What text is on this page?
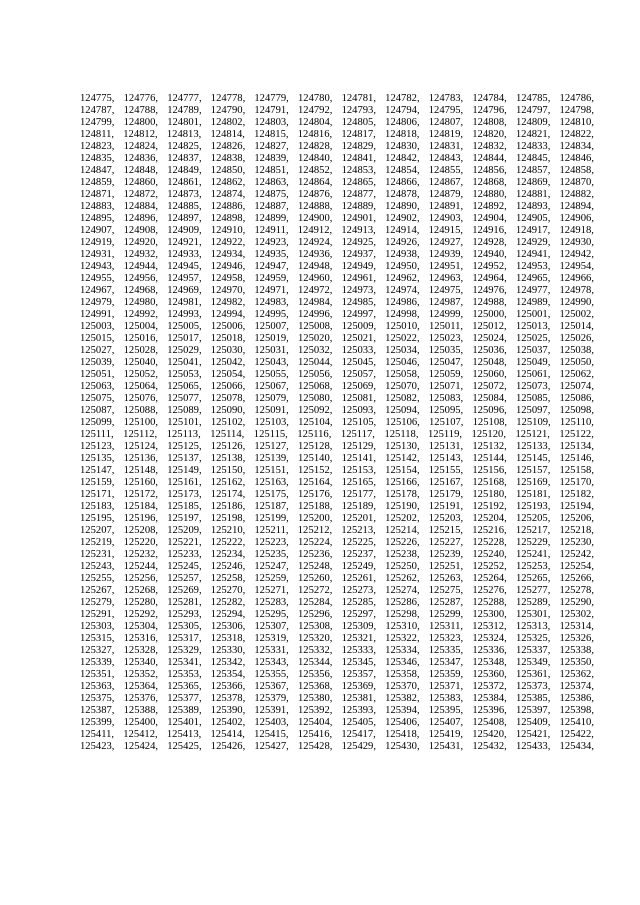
124775, 124776, 124777, 124778, 124779, 124780, 124781, 124782, 124783, 124784, 124785, 124786,
124787, 124788, 124789, 124790, 124791, 124792, 124793, 124794, 124795, 124796, 124797, 124798,
124799, 124800, 124801, 124802, 124803, 124804, 124805, 124806, 124807, 124808, 124809, 124810,
124811, 124812, 124813, 124814, 124815, 124816, 124817, 124818, 124819, 124820, 124821, 124822,
124823, 124824, 124825, 124826, 124827, 124828, 124829, 124830, 124831, 124832, 124833, 124834,
124835, 124836, 124837, 124838, 124839, 124840, 124841, 124842, 124843, 124844, 124845, 124846,
124847, 124848, 124849, 124850, 124851, 124852, 124853, 124854, 124855, 124856, 124857, 124858,
124859, 124860, 124861, 124862, 124863, 124864, 124865, 124866, 124867, 124868, 124869, 124870,
124871, 124872, 124873, 124874, 124875, 124876, 124877, 124878, 124879, 124880, 124881, 124882,
124883, 124884, 124885, 124886, 124887, 124888, 124889, 124890, 124891, 124892, 124893, 124894,
124895, 124896, 124897, 124898, 124899, 124900, 124901, 124902, 124903, 124904, 124905, 124906,
124907, 124908, 124909, 124910, 124911, 124912, 124913, 124914, 124915, 124916, 124917, 124918,
124919, 124920, 124921, 124922, 124923, 124924, 124925, 124926, 124927, 124928, 124929, 124930,
124931, 124932, 124933, 124934, 124935, 124936, 124937, 124938, 124939, 124940, 124941, 124942,
124943, 124944, 124945, 124946, 124947, 124948, 124949, 124950, 124951, 124952, 124953, 124954,
124955, 124956, 124957, 124958, 124959, 124960, 124961, 124962, 124963, 124964, 124965, 124966,
124967, 124968, 124969, 124970, 124971, 124972, 124973, 124974, 124975, 124976, 124977, 124978,
124979, 124980, 124981, 124982, 124983, 124984, 124985, 124986, 124987, 124988, 124989, 124990,
124991, 124992, 124993, 124994, 124995, 124996, 124997, 124998, 124999, 125000, 125001, 125002,
125003, 125004, 125005, 125006, 125007, 125008, 125009, 125010, 125011, 125012, 125013, 125014,
125015, 125016, 125017, 125018, 125019, 125020, 125021, 125022, 125023, 125024, 125025, 125026,
125027, 125028, 125029, 125030, 125031, 125032, 125033, 125034, 125035, 125036, 125037, 125038,
125039, 125040, 125041, 125042, 125043, 125044, 125045, 125046, 125047, 125048, 125049, 125050,
125051, 125052, 125053, 125054, 125055, 125056, 125057, 125058, 125059, 125060, 125061, 125062,
125063, 125064, 125065, 125066, 125067, 125068, 125069, 125070, 125071, 125072, 125073, 125074,
125075, 125076, 125077, 125078, 125079, 125080, 125081, 125082, 125083, 125084, 125085, 125086,
125087, 125088, 125089, 125090, 125091, 125092, 125093, 125094, 125095, 125096, 125097, 125098,
125099, 125100, 125101, 125102, 125103, 125104, 125105, 125106, 125107, 125108, 125109, 125110,
125111, 125112, 125113, 125114, 125115, 125116, 125117, 125118, 125119, 125120, 125121, 125122,
125123, 125124, 125125, 125126, 125127, 125128, 125129, 125130, 125131, 125132, 125133, 125134,
125135, 125136, 125137, 125138, 125139, 125140, 125141, 125142, 125143, 125144, 125145, 125146,
125147, 125148, 125149, 125150, 125151, 125152, 125153, 125154, 125155, 125156, 125157, 125158,
125159, 125160, 125161, 125162, 125163, 125164, 125165, 125166, 125167, 125168, 125169, 125170,
125171, 125172, 125173, 125174, 125175, 125176, 125177, 125178, 125179, 125180, 125181, 125182,
125183, 125184, 125185, 125186, 125187, 125188, 125189, 125190, 125191, 125192, 125193, 125194,
125195, 125196, 125197, 125198, 125199, 125200, 125201, 125202, 125203, 125204, 125205, 125206,
125207, 125208, 125209, 125210, 125211, 125212, 125213, 125214, 125215, 125216, 125217, 125218,
125219, 125220, 125221, 125222, 125223, 125224, 125225, 125226, 125227, 125228, 125229, 125230,
125231, 125232, 125233, 125234, 125235, 125236, 125237, 125238, 125239, 125240, 125241, 125242,
125243, 125244, 125245, 125246, 125247, 125248, 125249, 125250, 125251, 125252, 125253, 125254,
125255, 125256, 125257, 125258, 125259, 125260, 125261, 125262, 125263, 125264, 125265, 125266,
125267, 125268, 125269, 125270, 125271, 125272, 125273, 125274, 125275, 125276, 125277, 125278,
125279, 125280, 125281, 125282, 125283, 125284, 125285, 125286, 125287, 125288, 125289, 125290,
125291, 125292, 125293, 125294, 125295, 125296, 125297, 125298, 125299, 125300, 125301, 125302,
125303, 125304, 125305, 125306, 125307, 125308, 125309, 125310, 125311, 125312, 125313, 125314,
125315, 125316, 125317, 125318, 125319, 125320, 125321, 125322, 125323, 125324, 125325, 125326,
125327, 125328, 125329, 125330, 125331, 125332, 125333, 125334, 125335, 125336, 125337, 125338,
125339, 125340, 125341, 125342, 125343, 125344, 125345, 125346, 125347, 125348, 125349, 125350,
125351, 125352, 125353, 125354, 125355, 125356, 125357, 125358, 125359, 125360, 125361, 125362,
125363, 125364, 125365, 125366, 125367, 125368, 125369, 125370, 125371, 125372, 125373, 125374,
125375, 125376, 125377, 125378, 125379, 125380, 125381, 125382, 125383, 125384, 125385, 125386,
125387, 125388, 125389, 125390, 125391, 125392, 125393, 125394, 125395, 125396, 125397, 125398,
125399, 125400, 125401, 125402, 125403, 125404, 125405, 125406, 125407, 125408, 125409, 125410,
125411, 125412, 125413, 125414, 125415, 125416, 125417, 125418, 125419, 125420, 125421, 125422,
125423, 125424, 125425, 125426, 125427, 125428, 125429, 125430, 125431, 125432, 125433, 125434,
